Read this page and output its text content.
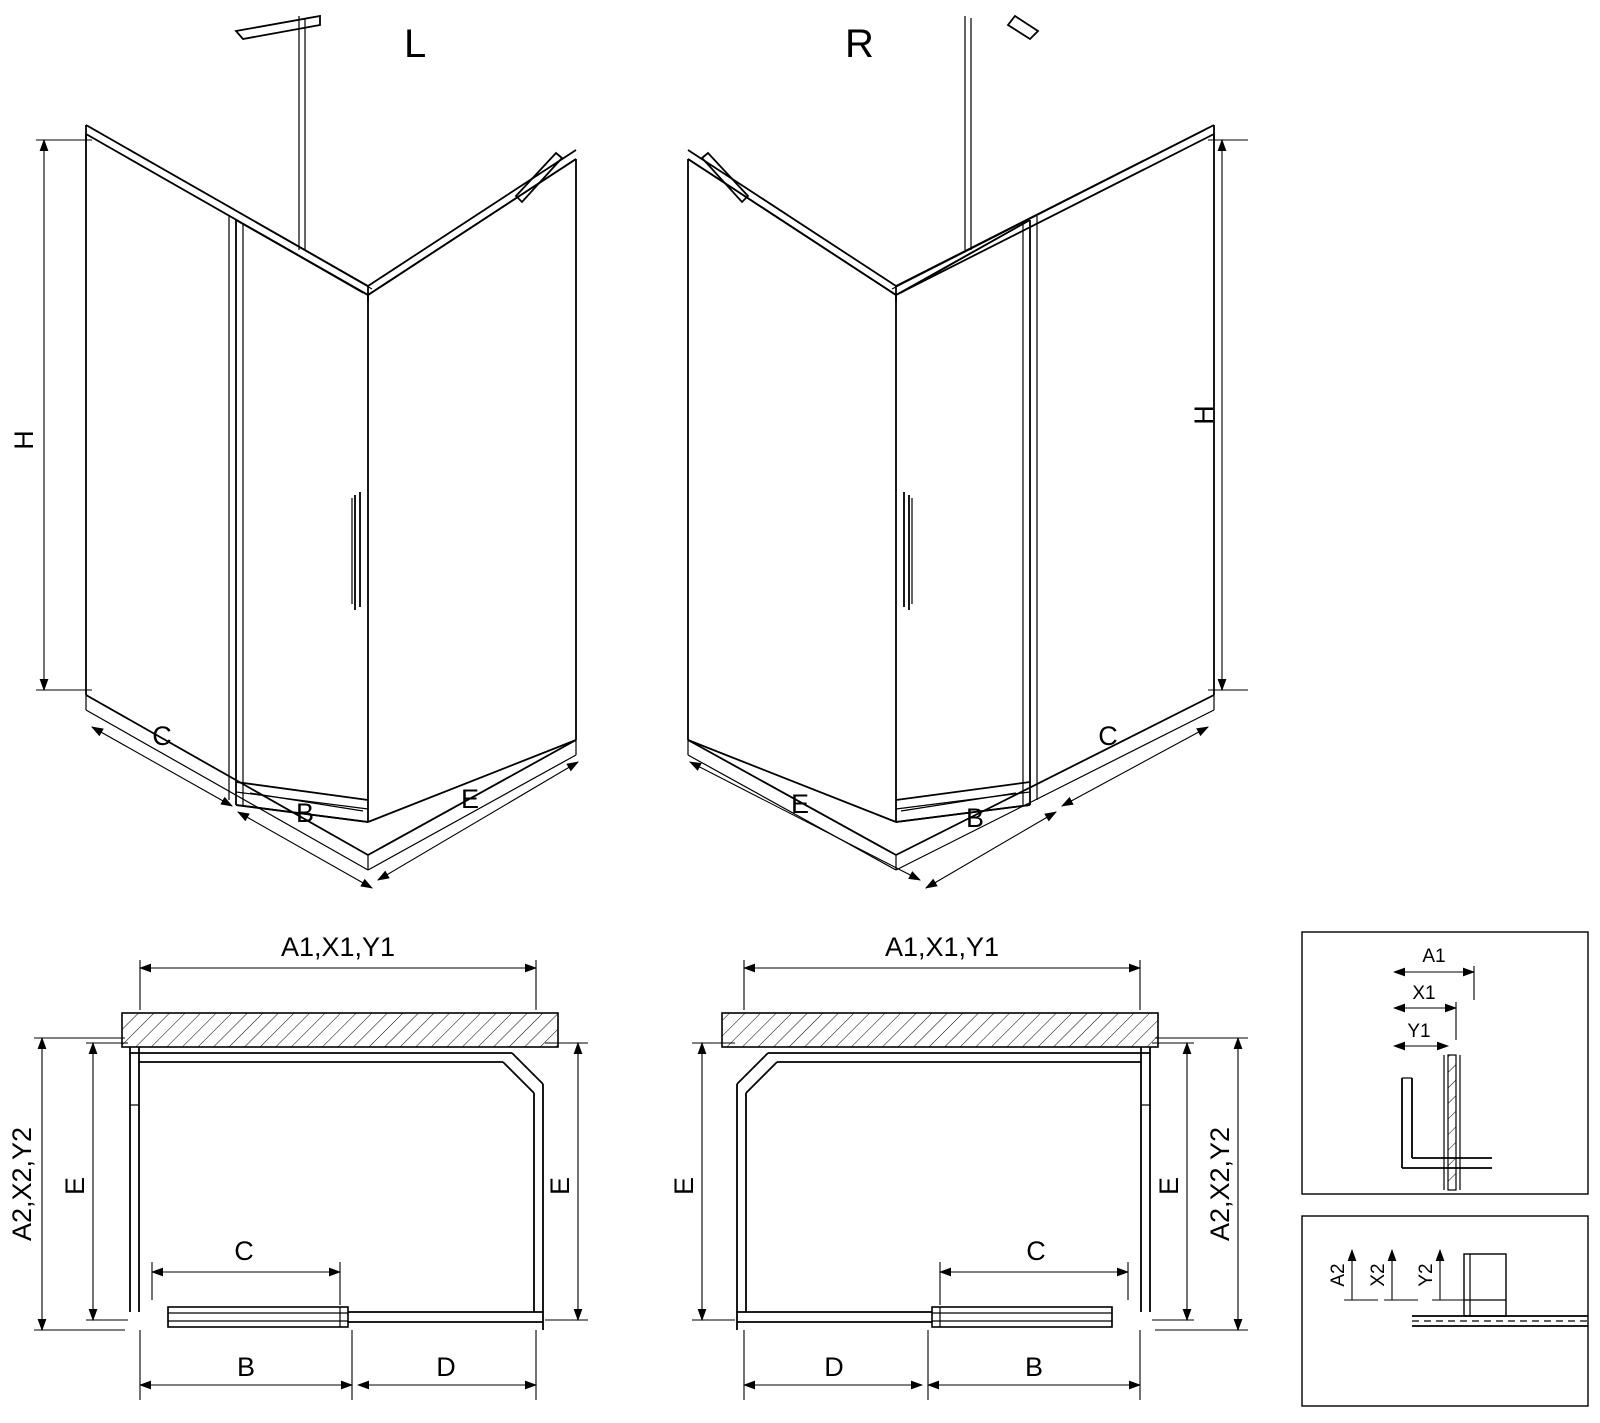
L
H
C
B	E
R
H
C
B
E
A1,X1,Y1
A2,X2,Y2 E	E
C
B	D
A1,X1,Y1
A2,X2,Y2
E
E
C
B
D
A1
X1
Y1
A2 X2 Y2
